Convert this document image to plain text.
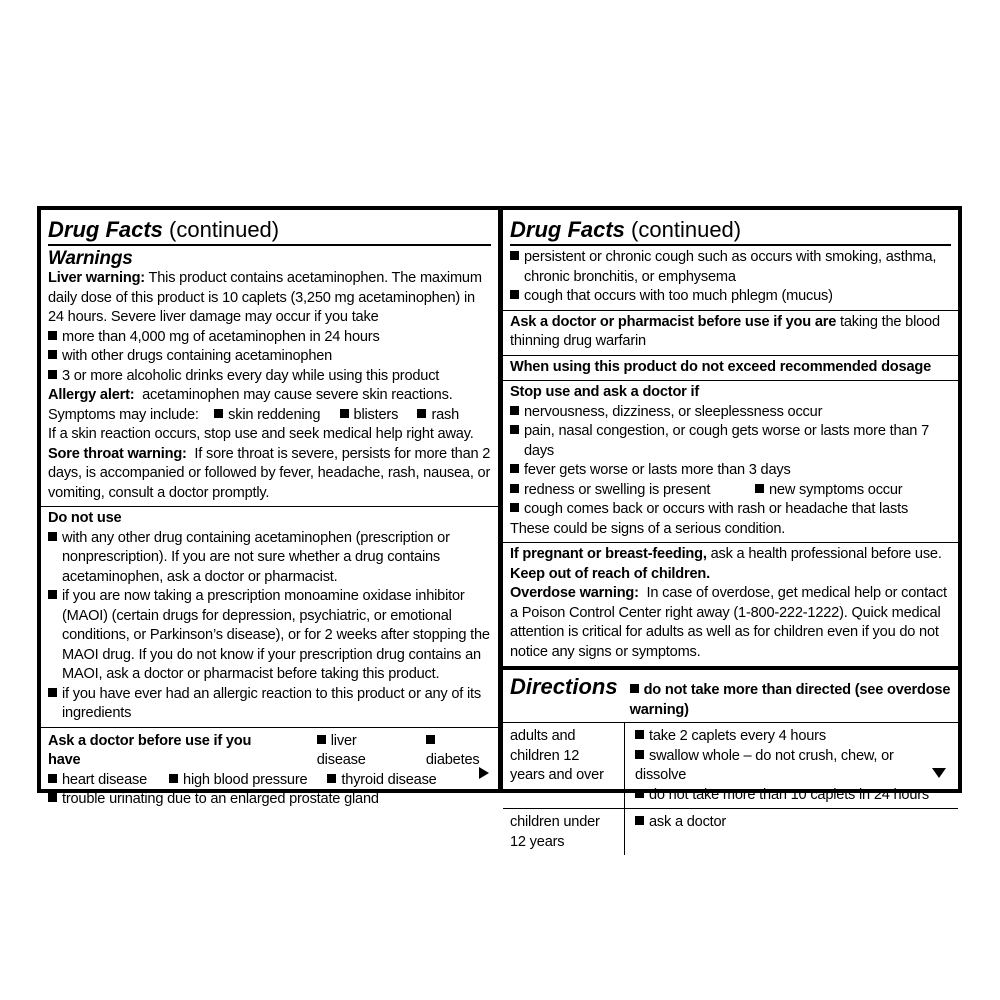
Drug Facts (continued)
Warnings
Liver warning: This product contains acetaminophen. The maximum daily dose of this product is 10 caplets (3,250 mg acetaminophen) in 24 hours. Severe liver damage may occur if you take
more than 4,000 mg of acetaminophen in 24 hours
with other drugs containing acetaminophen
3 or more alcoholic drinks every day while using this product
Allergy alert: acetaminophen may cause severe skin reactions.
Symptoms may include: skin reddening blisters rash
If a skin reaction occurs, stop use and seek medical help right away.
Sore throat warning: If sore throat is severe, persists for more than 2 days, is accompanied or followed by fever, headache, rash, nausea, or vomiting, consult a doctor promptly.
Do not use
with any other drug containing acetaminophen (prescription or nonprescription). If you are not sure whether a drug contains acetaminophen, ask a doctor or pharmacist.
if you are now taking a prescription monoamine oxidase inhibitor (MAOI) (certain drugs for depression, psychiatric, or emotional conditions, or Parkinson’s disease), or for 2 weeks after stopping the MAOI drug. If you do not know if your prescription drug contains an MAOI, ask a doctor or pharmacist before taking this product.
if you have ever had an allergic reaction to this product or any of its ingredients
Ask a doctor before use if you have
liver disease	diabetes
heart disease	high blood pressure	thyroid disease
trouble urinating due to an enlarged prostate gland
Drug Facts (continued)
persistent or chronic cough such as occurs with smoking, asthma, chronic bronchitis, or emphysema
cough that occurs with too much phlegm (mucus)
Ask a doctor or pharmacist before use if you are taking the blood thinning drug warfarin
When using this product do not exceed recommended dosage
Stop use and ask a doctor if
nervousness, dizziness, or sleeplessness occur
pain, nasal congestion, or cough gets worse or lasts more than 7 days
fever gets worse or lasts more than 3 days
redness or swelling is present	new symptoms occur
cough comes back or occurs with rash or headache that lasts
These could be signs of a serious condition.
If pregnant or breast-feeding, ask a health professional before use.
Keep out of reach of children.
Overdose warning: In case of overdose, get medical help or contact a Poison Control Center right away (1-800-222-1222). Quick medical attention is critical for adults as well as for children even if you do not notice any signs or symptoms.
Directions	do not take more than directed (see overdose warning)
adults and children 12 years and over
take 2 caplets every 4 hours
swallow whole – do not crush, chew, or dissolve
do not take more than 10 caplets in 24 hours
children under 12 years
ask a doctor
